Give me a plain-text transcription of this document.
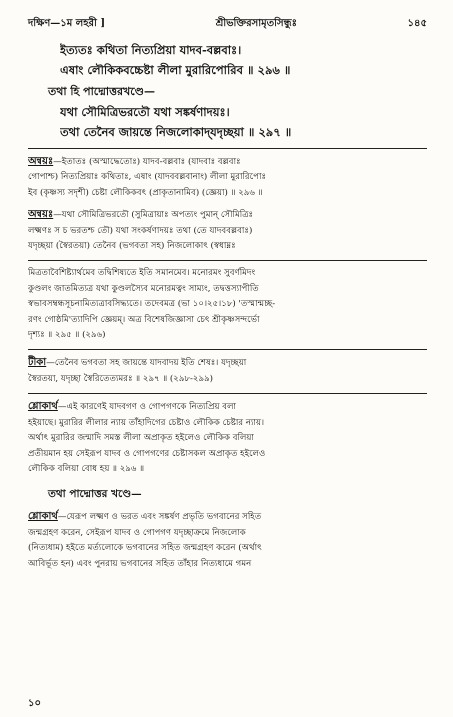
দক্ষিণ—১ম লহরী ]	শ্রীভক্তিরসামৃতসিন্ধুঃ	১৪৫
ইত্যতঃ কথিতা নিত্যপ্রিয়া যাদব-বল্লবাঃ।
এষাং লৌকিকবচ্চেষ্টা লীলা মুরারিপোরিব ॥ ২৯৬ ॥
তথা হি পাদ্মোত্তরখণ্ডে—
যথা সৌমিত্রিভরতৌ যথা সঙ্কর্ষণাদয়ঃ।
তথা তেনৈব জায়ন্তে নিজলোকাদ্‌যদৃচ্ছয়া ॥ ২৯৭ ॥
অন্বয়ঃ—ইতাতঃ (অস্মাদ্ধেতোঃ) যাদব-বল্লবাঃ (যাদবাঃ বল্লবাঃ
গোপাশ্চ) নিত্যপ্রিয়াঃ কথিতাঃ, এষাং (যাদববল্লবানাং) লীলা মুরারিপোঃ
ইব (কৃষ্ণস্য সদৃশী) চেষ্টা লৌকিকবৎ (প্রাকৃতানামিব) (জ্ঞেয়া) ॥ ২৯৬ ॥
অন্বয়ঃ—যথা সৌমিত্রিভরতৌ (সুমিত্রায়াঃ অপত্যং পুমান্ সৌমিত্রিঃ
লক্ষ্মণঃ স চ ভরতশ্চ তৌ) যথা সংকর্ষণাদয়ঃ তথা (তে যাদববল্লবাঃ)
যদৃচ্ছয়া (স্বৈরতয়া) তেনৈব (ভগবতা সহ) নিজলোকাৎ (স্বধাম্নঃ
মিত্রতাবৈশিষ্ট্যার্থমেব তদ্বিশিষ্যতে ইতি সমানমেব। মনোরমং সুবর্ণমিদং
কুণ্ডলং জাতমিত্যত্র যথা কুণ্ডলস্যৈব মনোরমত্বং সাম্যং, তদ্বত্তস্যাপীতি
স্বভাবসম্বন্ধসূচনামিত্যত্রাবসিদ্ধ্যতে। তদেবমত্র (ভা ১০।২৫।১৮) 'তস্মান্মচ্ছ-
রণং গোষ্ঠমি'ত্যাদিপি জ্ঞেয়ম্। অত্র বিশেষজিজ্ঞাসা চেৎ শ্রীকৃষ্ণসন্দর্ভো
দৃশ্যঃ ॥ ২৯৫ ॥ (২৯৬)
টীকা—তেনৈব ভগবতা সহ জায়ন্তে যাদবাদয় ইতি শেষঃ। যদৃচ্ছয়া
স্বৈরতয়া, যদৃচ্ছা স্বৈরিতেত্যমরঃ ॥ ২৯৭ ॥ (২৯৮-২৯৯)
শ্লোকার্থ—এই কারণেই যাদবগণ ও গোপগণকে নিত্যপ্রিয় বলা
হইয়াছে। মুরারির লীলার ন্যায় তাঁহাদিগের চেষ্টাও লৌকিক চেষ্টার ন্যায়।
অর্থাৎ মুরারির জন্মাদি সমস্ত লীলা অপ্রাকৃত হইলেও লৌকিক বলিয়া
প্রতীয়মান হয় সেইরূপ যাদব ও গোপগণের চেষ্টাসকল অপ্রাকৃত হইলেও
লৌকিক বলিয়া বোধ হয় ॥ ২৯৬ ॥
তথা পাদ্মোত্তর খণ্ডে—
শ্লোকার্থ—যেরূপ লক্ষ্মণ ও ভরত এবং সঙ্কর্ষণ প্রভৃতি ভগবানের সহিত
জন্মগ্রহণ করেন, সেইরূপ যাদব ও গোপগণ যদৃচ্ছাক্রমে নিজলোক
(নিত্যধাম) হইতে মর্ত্যলোকে ভগবানের সহিত জন্মগ্রহণ করেন (অর্থাৎ
আবির্ভূত হন) এবং পুনরায় ভগবানের সহিত তাঁহার নিত্যধামে গমন
১০
